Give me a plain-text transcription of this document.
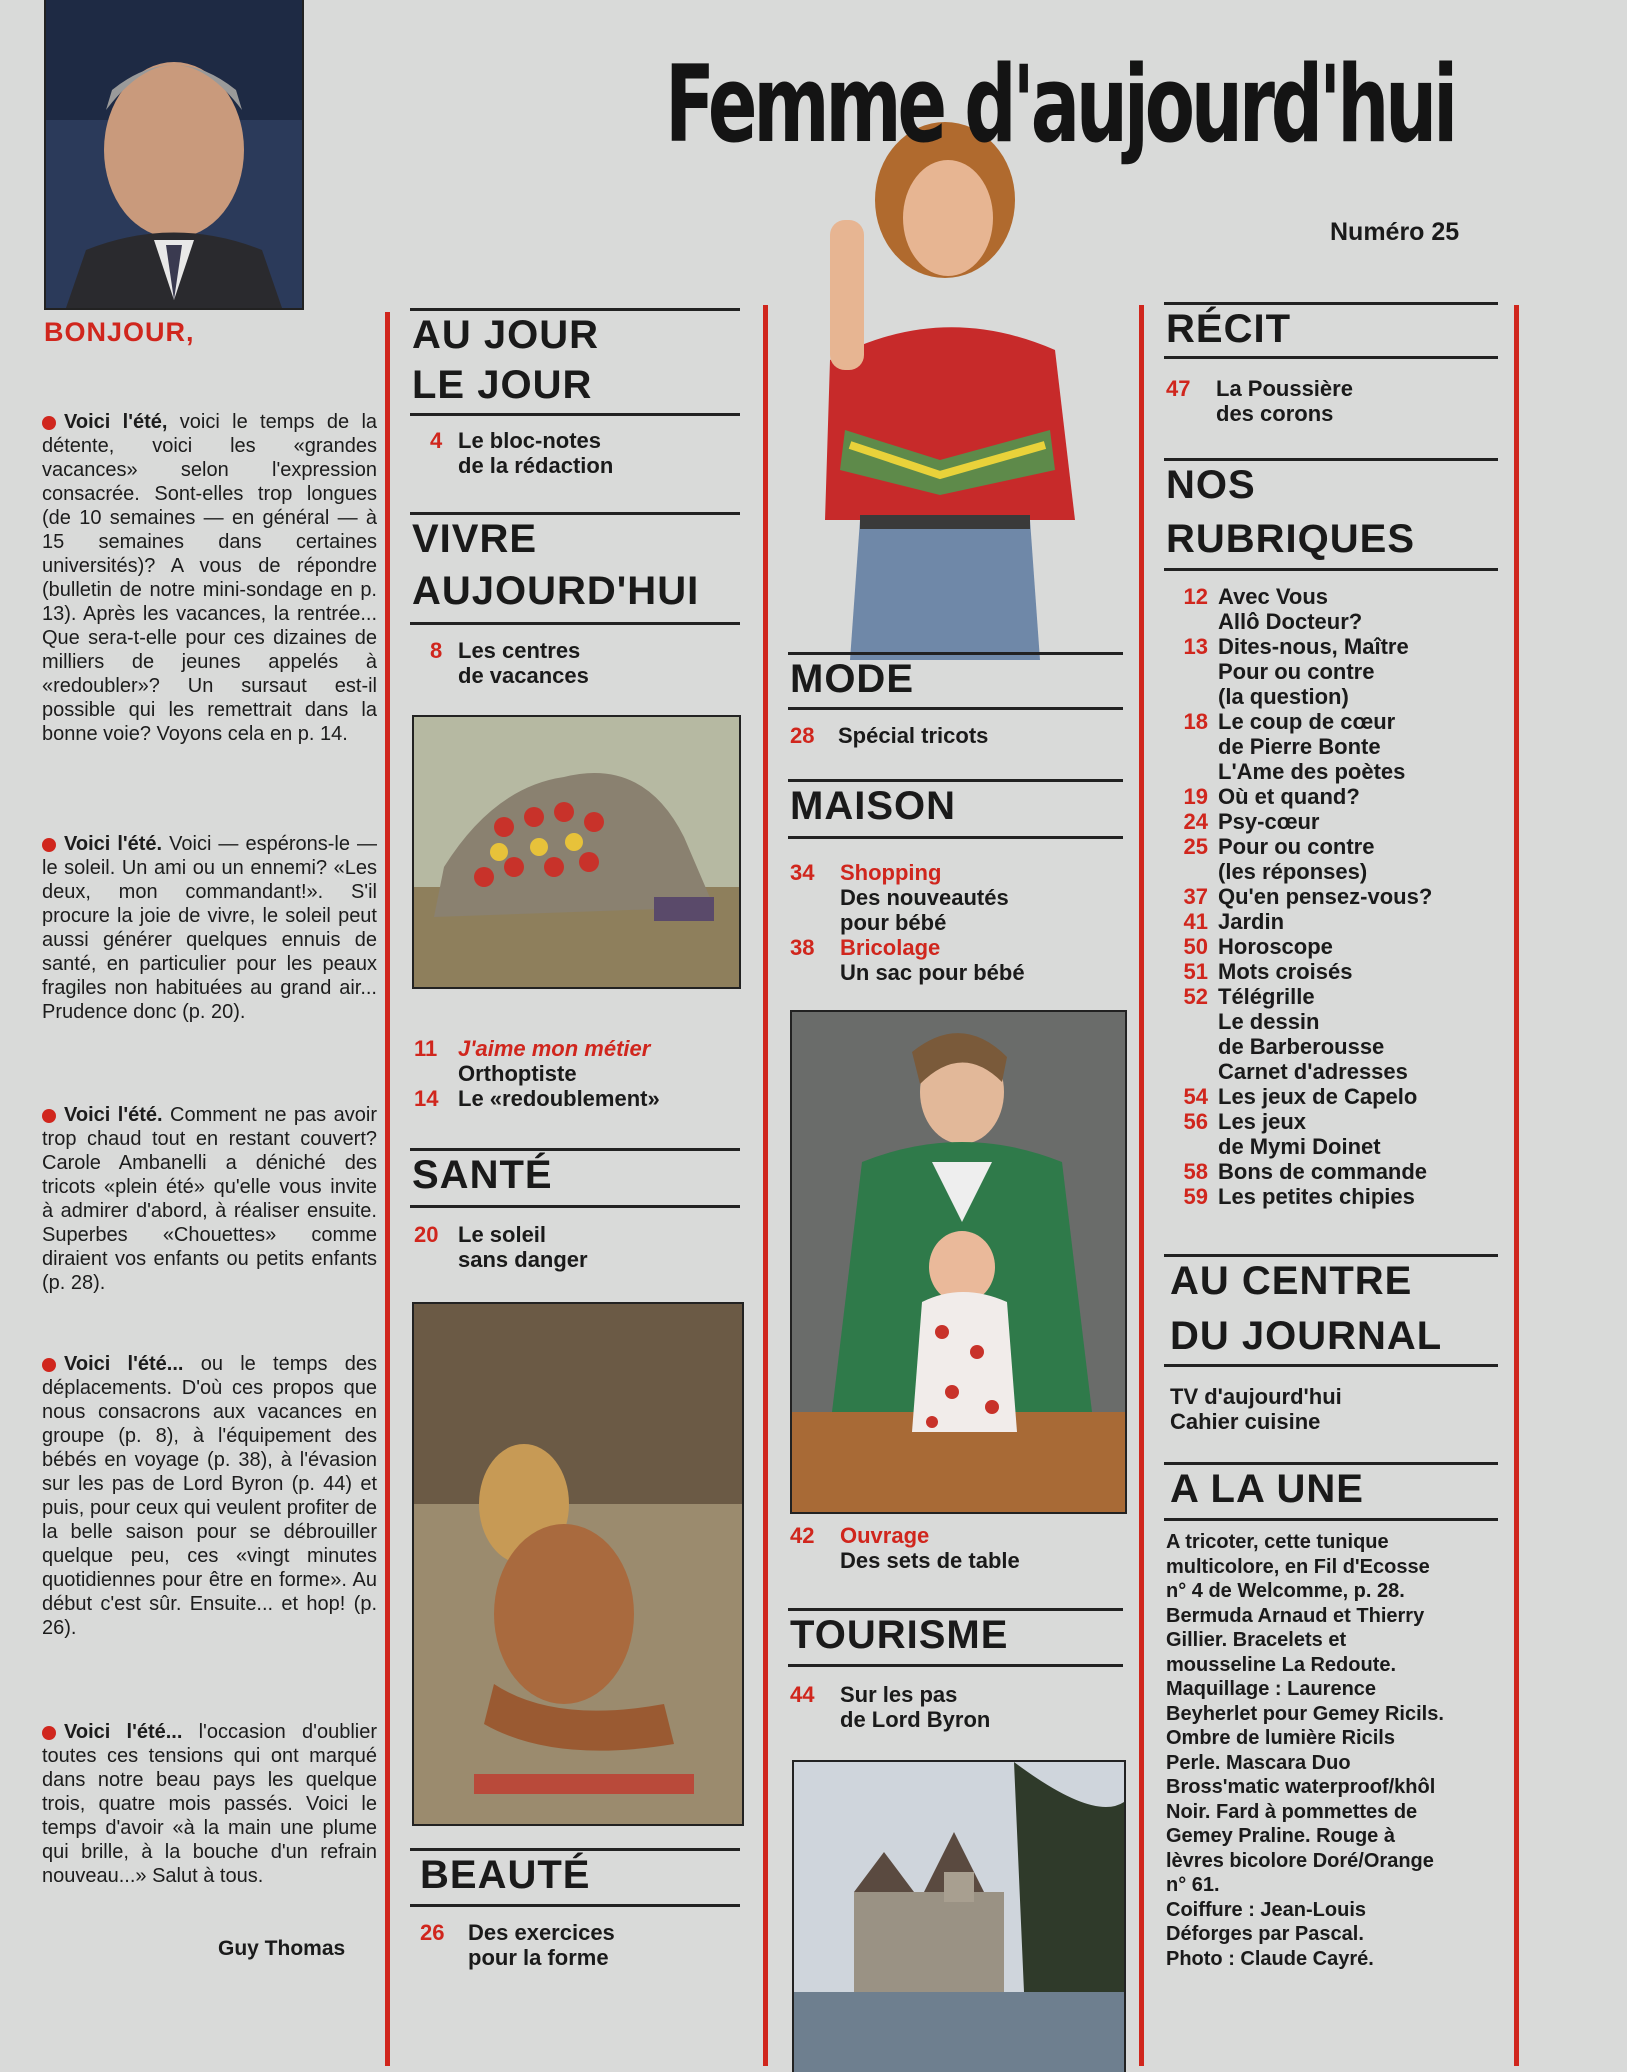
Femme d'aujourd'hui
Numéro 25
BONJOUR,
Voici l'été, voici le temps de la détente, voici les «grandes vacances» selon l'expression consacrée. Sont-elles trop longues (de 10 semaines — en général — à 15 semaines dans certaines universités)? A vous de répondre (bulletin de notre mini-sondage en p. 13). Après les vacances, la rentrée... Que sera-t-elle pour ces dizaines de milliers de jeunes appelés à «redoubler»? Un sursaut est-il possible qui les remettrait dans la bonne voie? Voyons cela en p. 14.
Voici l'été. Voici — espérons-le — le soleil. Un ami ou un ennemi? «Les deux, mon commandant!». S'il procure la joie de vivre, le soleil peut aussi générer quelques ennuis de santé, en particulier pour les peaux fragiles non habituées au grand air... Prudence donc (p. 20).
Voici l'été. Comment ne pas avoir trop chaud tout en restant couvert? Carole Ambanelli a déniché des tricots «plein été» qu'elle vous invite à admirer d'abord, à réaliser ensuite. Superbes «Chouettes» comme diraient vos enfants ou petits enfants (p. 28).
Voici l'été... ou le temps des déplacements. D'où ces propos que nous consacrons aux vacances en groupe (p. 8), à l'équipement des bébés en voyage (p. 38), à l'évasion sur les pas de Lord Byron (p. 44) et puis, pour ceux qui veulent profiter de la belle saison pour se débrouiller quelque peu, ces «vingt minutes quotidiennes pour être en forme». Au début c'est sûr. Ensuite... et hop! (p. 26).
Voici l'été... l'occasion d'oublier toutes ces tensions qui ont marqué dans notre beau pays les quelque trois, quatre mois passés. Voici le temps d'avoir «à la main une plume qui brille, à la bouche d'un refrain nouveau...» Salut à tous.
Guy Thomas
AU JOUR
LE JOUR
4 Le bloc-notes
de la rédaction
VIVRE
AUJOURD'HUI
8 Les centres
de vacances
11 J'aime mon métier
Orthoptiste
14 Le «redoublement»
SANTÉ
20 Le soleil
sans danger
BEAUTÉ
26 Des exercices
pour la forme
MODE
28 Spécial tricots
MAISON
34 Shopping
Des nouveautés
pour bébé
38 Bricolage
Un sac pour bébé
42 Ouvrage
Des sets de table
TOURISME
44 Sur les pas
de Lord Byron
RÉCIT
47 La Poussière
des corons
NOS
RUBRIQUES
12 Avec Vous
Allô Docteur?
13 Dites-nous, Maître
Pour ou contre
(la question)
18 Le coup de cœur
de Pierre Bonte
L'Ame des poètes
19 Où et quand?
24 Psy-cœur
25 Pour ou contre
(les réponses)
37 Qu'en pensez-vous?
41 Jardin
50 Horoscope
51 Mots croisés
52 Télégrille
Le dessin
de Barberousse
Carnet d'adresses
54 Les jeux de Capelo
56 Les jeux
de Mymi Doinet
58 Bons de commande
59 Les petites chipies
AU CENTRE
DU JOURNAL
TV d'aujourd'hui
Cahier cuisine
A LA UNE
A tricoter, cette tunique
multicolore, en Fil d'Ecosse
n° 4 de Welcomme, p. 28.
Bermuda Arnaud et Thierry
Gillier. Bracelets et
mousseline La Redoute.
Maquillage : Laurence
Beyherlet pour Gemey Ricils.
Ombre de lumière Ricils
Perle. Mascara Duo
Bross'matic waterproof/khôl
Noir. Fard à pommettes de
Gemey Praline. Rouge à
lèvres bicolore Doré/Orange
n° 61.
Coiffure : Jean-Louis
Déforges par Pascal.
Photo : Claude Cayré.
